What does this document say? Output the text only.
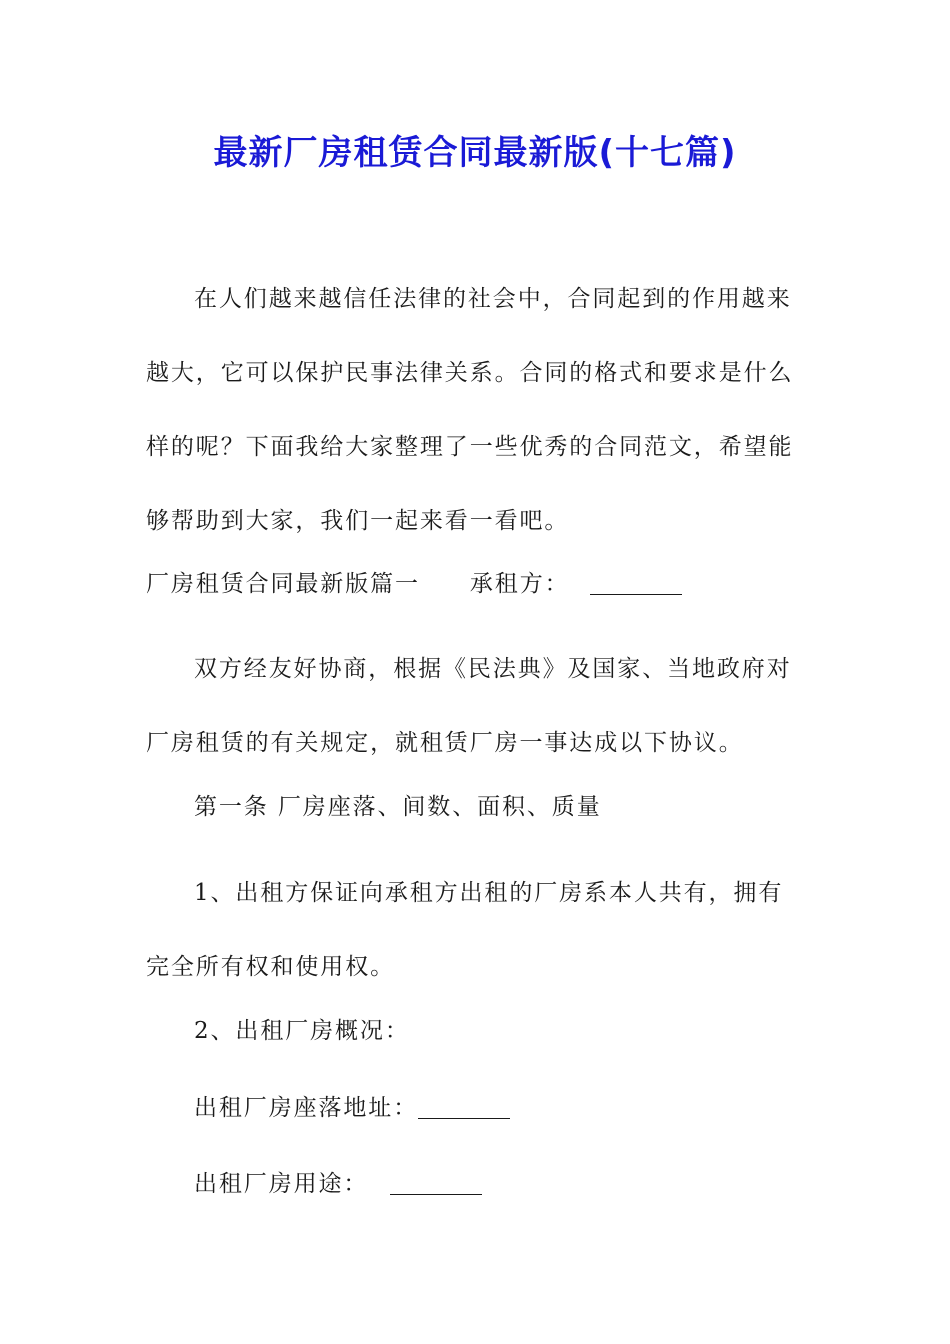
最新厂房租赁合同最新版(十七篇)
在人们越来越信任法律的社会中，合同起到的作用越来越大，它可以保护民事法律关系。合同的格式和要求是什么样的呢？下面我给大家整理了一些优秀的合同范文，希望能够帮助到大家，我们一起来看一看吧。
厂房租赁合同最新版篇一 承租方：
双方经友好协商，根据《民法典》及国家、当地政府对厂房租赁的有关规定，就租赁厂房一事达成以下协议。
第一条 厂房座落、间数、面积、质量
1、出租方保证向承租方出租的厂房系本人共有，拥有完全所有权和使用权。
2、出租厂房概况：
出租厂房座落地址：
出租厂房用途：
